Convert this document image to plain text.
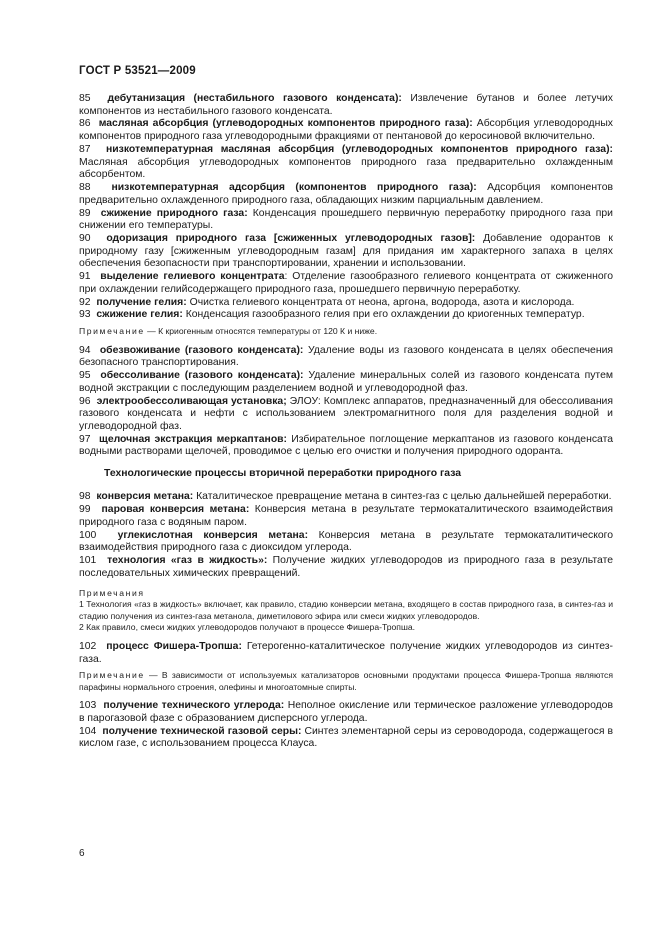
ГОСТ Р 53521—2009
85 дебутанизация (нестабильного газового конденсата): Извлечение бутанов и более летучих компонентов из нестабильного газового конденсата.
86 масляная абсорбция (углеводородных компонентов природного газа): Абсорбция углеводородных компонентов природного газа углеводородными фракциями от пентановой до керосиновой включительно.
87 низкотемпературная масляная абсорбция (углеводородных компонентов природного газа): Масляная абсорбция углеводородных компонентов природного газа предварительно охлажденным абсорбентом.
88 низкотемпературная адсорбция (компонентов природного газа): Адсорбция компонентов предварительно охлажденного природного газа, обладающих низким парциальным давлением.
89 сжижение природного газа: Конденсация прошедшего первичную переработку природного газа при снижении его температуры.
90 одоризация природного газа [сжиженных углеводородных газов]: Добавление одорантов к природному газу [сжиженным углеводородным газам] для придания им характерного запаха в целях обеспечения безопасности при транспортировании, хранении и использовании.
91 выделение гелиевого концентрата: Отделение газообразного гелиевого концентрата от сжиженного при охлаждении гелийсодержащего природного газа, прошедшего первичную переработку.
92 получение гелия: Очистка гелиевого концентрата от неона, аргона, водорода, азота и кислорода.
93 сжижение гелия: Конденсация газообразного гелия при его охлаждении до криогенных температур.
Примечание — К криогенным относятся температуры от 120 К и ниже.
94 обезвоживание (газового конденсата): Удаление воды из газового конденсата в целях обеспечения безопасного транспортирования.
95 обессоливание (газового конденсата): Удаление минеральных солей из газового конденсата путем водной экстракции с последующим разделением водной и углеводородной фаз.
96 электрообессоливающая установка; ЭЛОУ: Комплекс аппаратов, предназначенный для обессоливания газового конденсата и нефти с использованием электромагнитного поля для разделения водной и углеводородной фаз.
97 щелочная экстракция меркаптанов: Избирательное поглощение меркаптанов из газового конденсата водными растворами щелочей, проводимое с целью его очистки и получения природного одоранта.
Технологические процессы вторичной переработки природного газа
98 конверсия метана: Каталитическое превращение метана в синтез-газ с целью дальнейшей переработки.
99 паровая конверсия метана: Конверсия метана в результате термокаталитического взаимодействия природного газа с водяным паром.
100 углекислотная конверсия метана: Конверсия метана в результате термокаталитического взаимодействия природного газа с диоксидом углерода.
101 технология «газ в жидкость»: Получение жидких углеводородов из природного газа в результате последовательных химических превращений.
Примечания
1 Технология «газ в жидкость» включает, как правило, стадию конверсии метана, входящего в состав природного газа, в синтез-газ и стадию получения из синтез-газа метанола, диметилового эфира или смеси жидких углеводородов.
2 Как правило, смеси жидких углеводородов получают в процессе Фишера-Тропша.
102 процесс Фишера-Тропша: Гетерогенно-каталитическое получение жидких углеводородов из синтез-газа.
Примечание — В зависимости от используемых катализаторов основными продуктами процесса Фишера-Тропша являются парафины нормального строения, олефины и многоатомные спирты.
103 получение технического углерода: Неполное окисление или термическое разложение углеводородов в парогазовой фазе с образованием дисперсного углерода.
104 получение технической газовой серы: Синтез элементарной серы из сероводорода, содержащегося в кислом газе, с использованием процесса Клауса.
6
